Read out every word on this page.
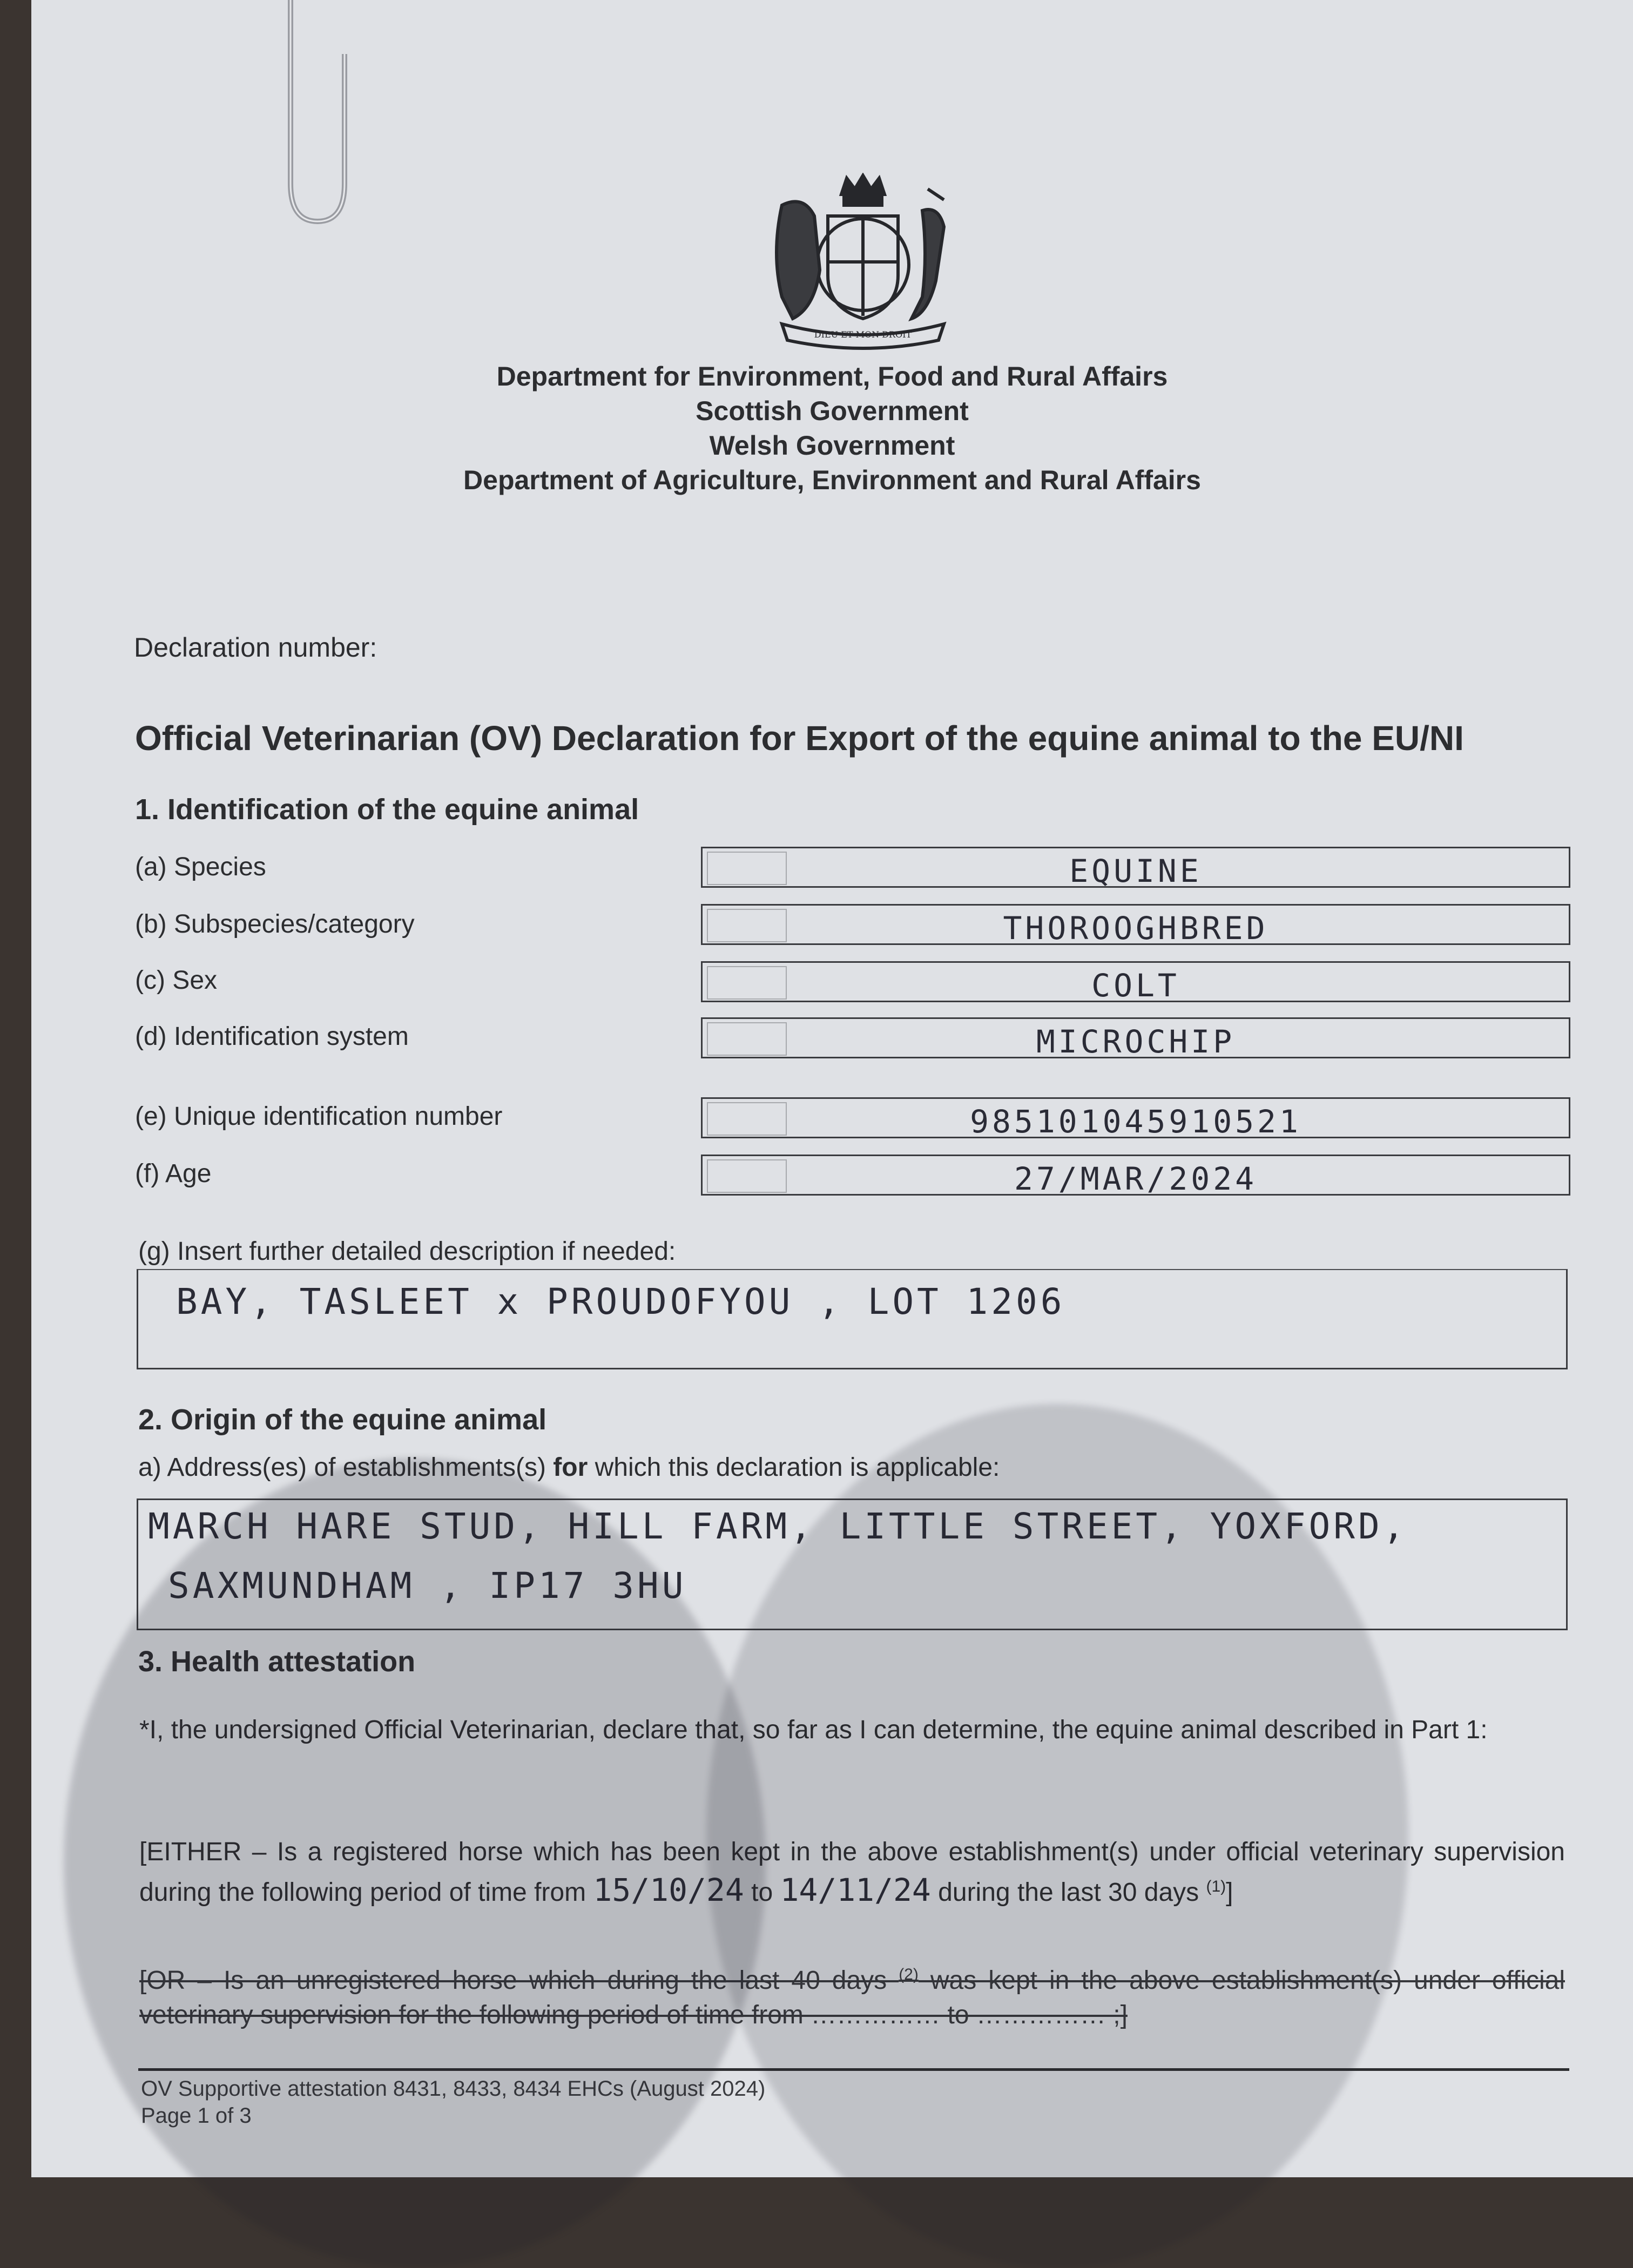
DIEU ET MON DROIT
Department for Environment, Food and Rural Affairs
Scottish Government
Welsh Government
Department of Agriculture, Environment and Rural Affairs
Declaration number:
Official Veterinarian (OV) Declaration for Export of the equine animal to the EU/NI
1. Identification of the equine animal
(a) Species	EQUINE
(b) Subspecies/category	THOROOGHBRED
(c) Sex	COLT
(d) Identification system	MICROCHIP
(e) Unique identification number	985101045910521
(f) Age	27/MAR/2024
(g) Insert further detailed description if needed:
BAY, TASLEET x PROUDOFYOU , LOT 1206
2. Origin of the equine animal
a) Address(es) of establishments(s) for which this declaration is applicable:
MARCH HARE STUD, HILL FARM, LITTLE STREET, YOXFORD,
SAXMUNDHAM , IP17 3HU
3. Health attestation
*I, the undersigned Official Veterinarian, declare that, so far as I can determine, the equine animal described in Part 1:
[EITHER – Is a registered horse which has been kept in the above establishment(s) under official veterinary supervision during the following period of time from 15/10/24 to 14/11/24 during the last 30 days $^{(1)}$]
[OR – Is an unregistered horse which during the last 40 days $^{(2)}$ was kept in the above establishment(s) under official veterinary supervision for the following period of time from …………… to …………… ;]
OV Supportive attestation 8431, 8433, 8434 EHCs (August 2024)
Page 1 of 3
